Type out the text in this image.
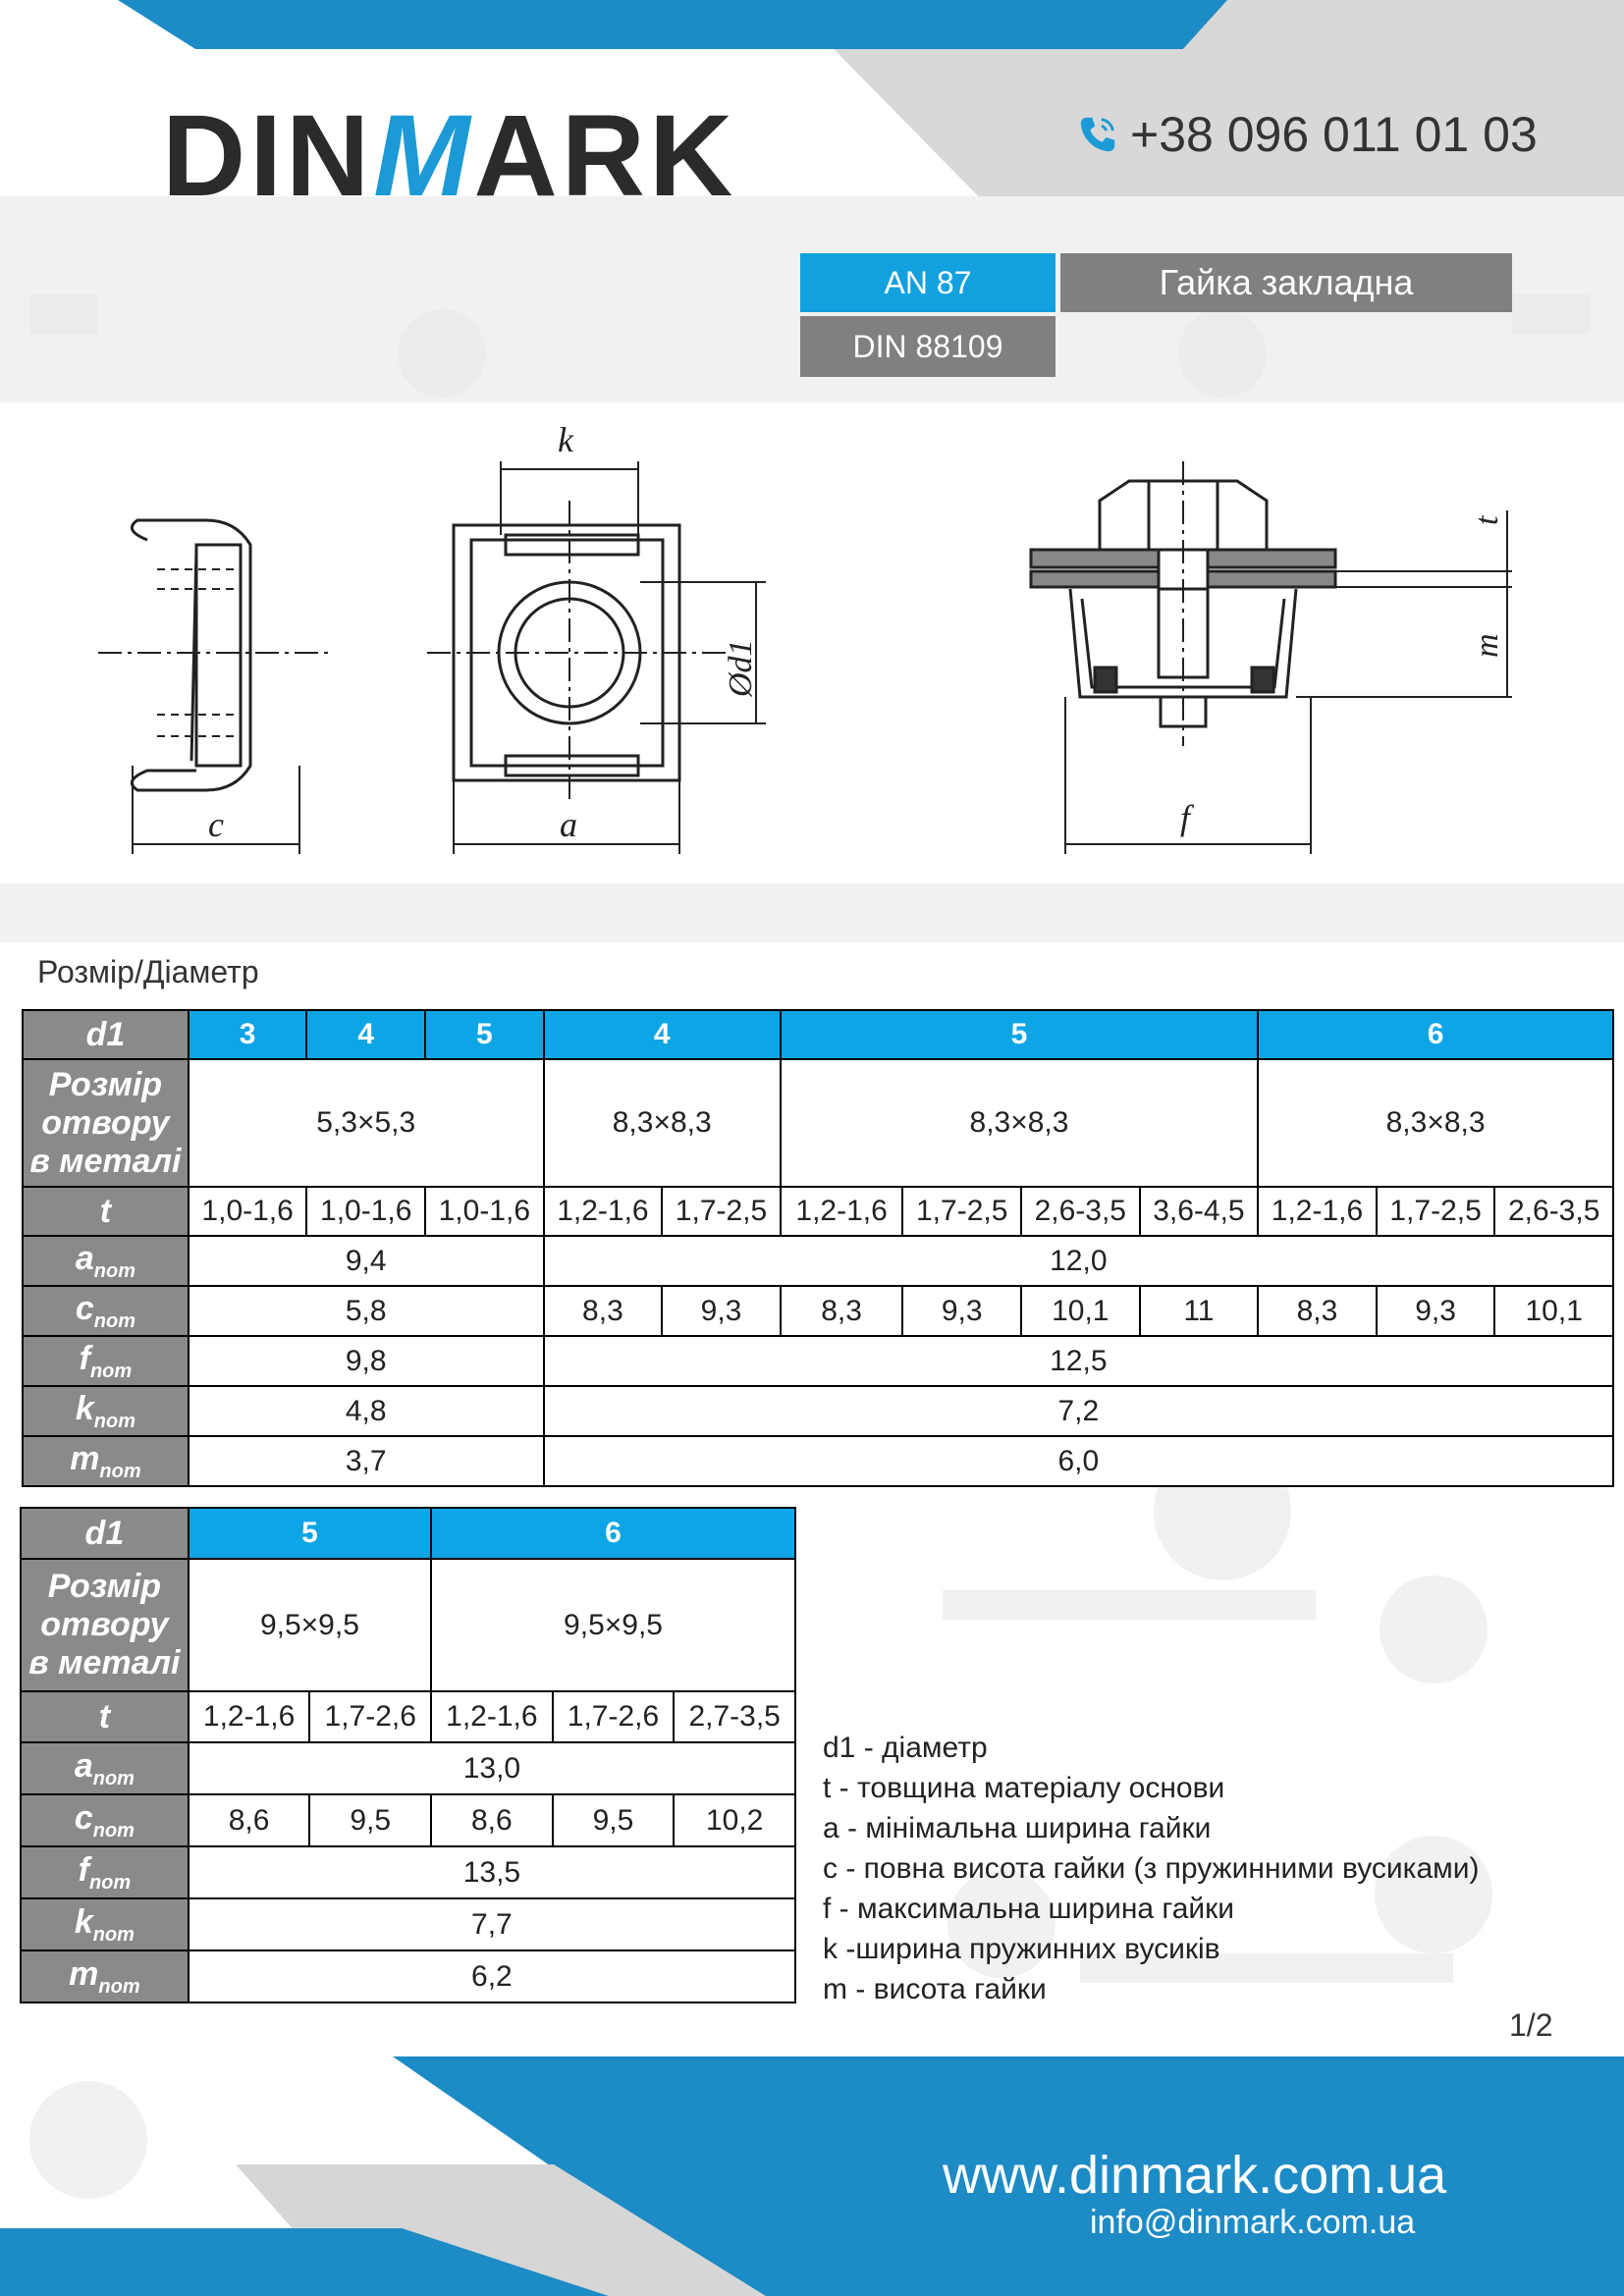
DINMARK	+38 096 011 01 03
AN 87	Гайка закладна
DIN 88109
c
k
a
Ød1
t
m
f
Розмір/Діаметр
d1	3	4	5	4		5				6		
Розмір
отвору
в металі	5,3×5,3			8,3×8,3		8,3×8,3				8,3×8,3		
t	1,0-1,6	1,0-1,6	1,0-1,6	1,2-1,6	1,7-2,5	1,2-1,6	1,7-2,5	2,6-3,5	3,6-4,5	1,2-1,6	1,7-2,5	2,6-3,5
$a_{nom}$	9,4			12,0								
$c_{nom}$	5,8			8,3	9,3	8,3	9,3	10,1	11	8,3	9,3	10,1
$f_{nom}$	9,8			12,5								
$k_{nom}$	4,8			7,2								
$m_{nom}$	3,7			6,0								
d1	5		6		
Розмір
отвору
в металі	9,5×9,5		9,5×9,5		
t	1,2-1,6	1,7-2,6	1,2-1,6	1,7-2,6	2,7-3,5
$a_{nom}$	13,0				
$c_{nom}$	8,6	9,5	8,6	9,5	10,2
$f_{nom}$	13,5				
$k_{nom}$	7,7				
$m_{nom}$	6,2				
d1 - діаметр
t - товщина матеріалу основи
a - мінімальна ширина гайки
c - повна висота гайки (з пружинними вусиками)
f - максимальна ширина гайки
k -ширина пружинних вусиків
m - висота гайки
1/2
www.dinmark.com.ua
info@dinmark.com.ua
